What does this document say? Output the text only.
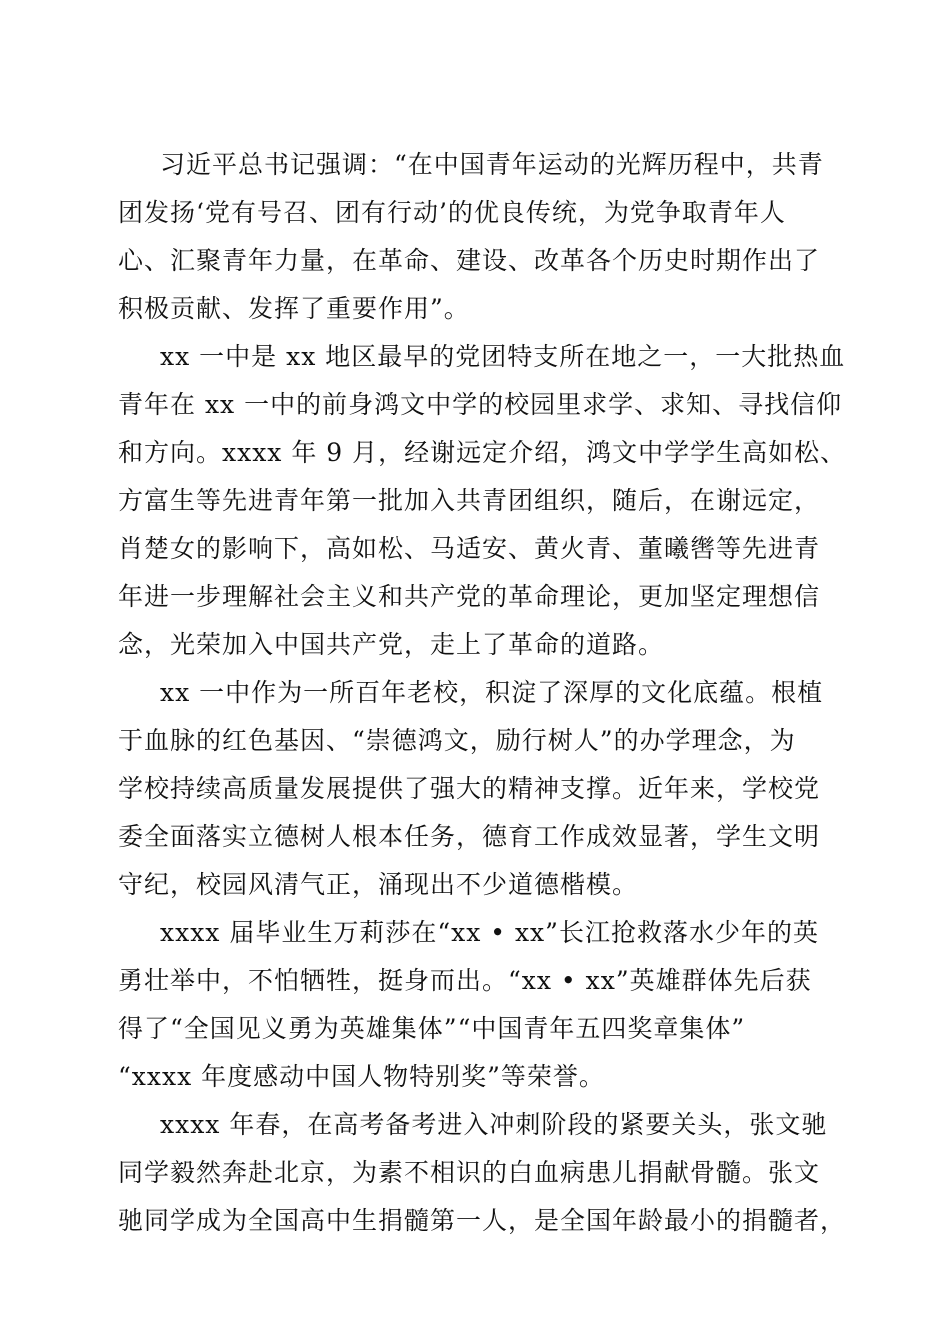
习近平总书记强调：“在中国青年运动的光辉历程中，共青
团发扬‘党有号召、团有行动’的优良传统，为党争取青年人
心、汇聚青年力量，在革命、建设、改革各个历史时期作出了
积极贡献、发挥了重要作用”。
xx 一中是 xx 地区最早的党团特支所在地之一，一大批热血
青年在 xx 一中的前身鸿文中学的校园里求学、求知、寻找信仰
和方向。xxxx 年 9 月，经谢远定介绍，鸿文中学学生高如松、
方富生等先进青年第一批加入共青团组织，随后，在谢远定，
肖楚女的影响下，高如松、马适安、黄火青、董曦辔等先进青
年进一步理解社会主义和共产党的革命理论，更加坚定理想信
念，光荣加入中国共产党，走上了革命的道路。
xx 一中作为一所百年老校，积淀了深厚的文化底蕴。根植
于血脉的红色基因、“崇德鸿文，励行树人”的办学理念，为
学校持续高质量发展提供了强大的精神支撑。近年来，学校党
委全面落实立德树人根本任务，德育工作成效显著，学生文明
守纪，校园风清气正，涌现出不少道德楷模。
xxxx 届毕业生万莉莎在“xx • xx”长江抢救落水少年的英
勇壮举中，不怕牺牲，挺身而出。“xx • xx”英雄群体先后获
得了“全国见义勇为英雄集体”“中国青年五四奖章集体”
“xxxx 年度感动中国人物特别奖”等荣誉。
xxxx 年春，在高考备考进入冲刺阶段的紧要关头，张文驰
同学毅然奔赴北京，为素不相识的白血病患儿捐献骨髓。张文
驰同学成为全国高中生捐髓第一人，是全国年龄最小的捐髓者，
